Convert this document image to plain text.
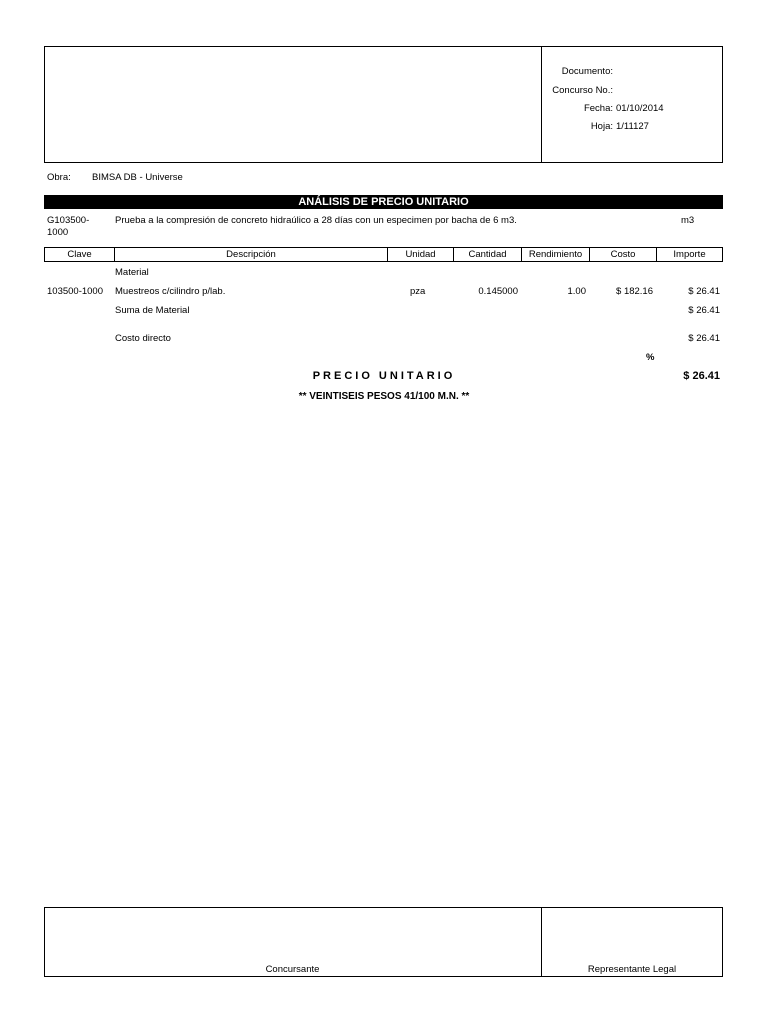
Documento:
Concurso No.:
Fecha: 01/10/2014
Hoja: 1/11127
Obra: BIMSA DB - Universe
ANÁLISIS DE PRECIO UNITARIO
G103500-
1000
Prueba a la compresión de concreto hidraúlico a 28 días con un especimen por bacha de 6 m3.	m3
Clave	Descripción	Unidad	Cantidad	Rendimiento	Costo	Importe
Material
103500-1000 Muestreos c/cilindro p/lab.	pza	0.145000	1.00	$ 182.16	$ 26.41
Suma de Material	$ 26.41
Costo directo	$ 26.41
%
PRECIO UNITARIO	$ 26.41
** VEINTISEIS PESOS 41/100 M.N. **
Concursante	Representante Legal
